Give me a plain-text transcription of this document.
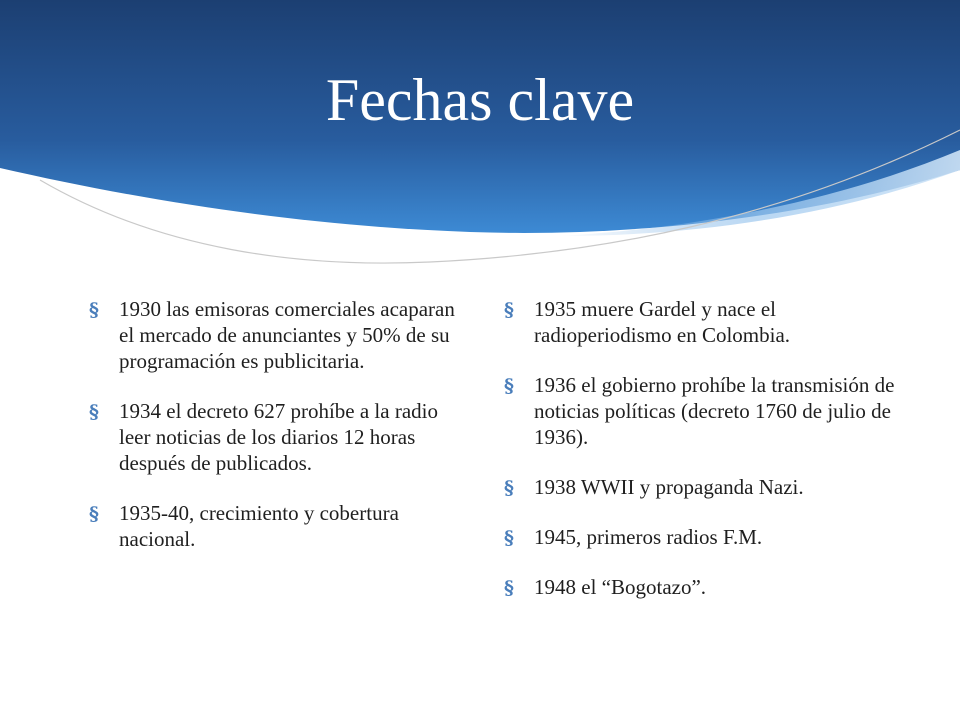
Fechas clave
§ 1930 las emisoras comerciales acaparan el mercado de anunciantes y 50% de su programación es publicitaria.
§ 1934 el decreto 627 prohíbe a la radio leer noticias de los diarios 12 horas después de publicados.
§ 1935-40, crecimiento y cobertura nacional.
§ 1935 muere Gardel y nace el radioperiodismo en Colombia.
§ 1936 el gobierno prohíbe la transmisión de noticias políticas (decreto 1760 de julio de 1936).
§ 1938 WWII y propaganda Nazi.
§ 1945, primeros radios F.M.
§ 1948 el “Bogotazo”.
